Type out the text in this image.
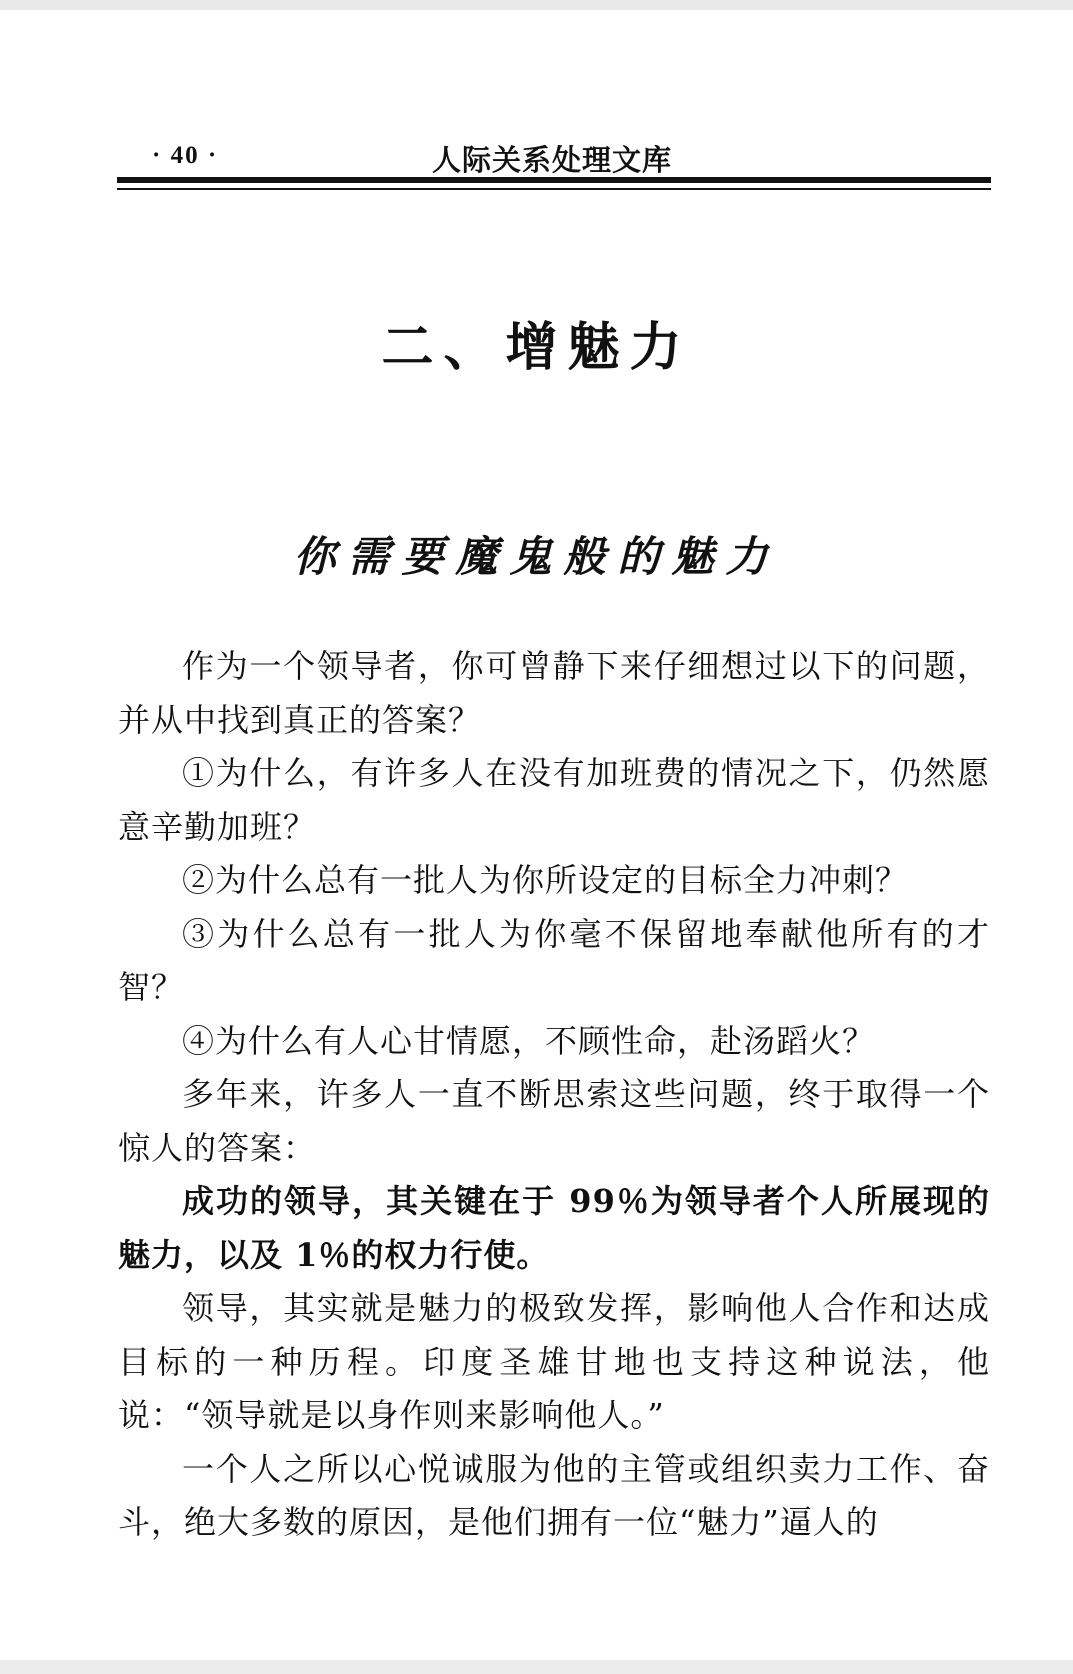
· 40 ·	人际关系处理文库
二、增魅力
你需要魔鬼般的魅力

作为一个领导者，你可曾静下来仔细想过以下的问题，并从中找到真正的答案？

①为什么，有许多人在没有加班费的情况之下，仍然愿意辛勤加班？

②为什么总有一批人为你所设定的目标全力冲刺？

③为什么总有一批人为你毫不保留地奉献他所有的才智？

④为什么有人心甘情愿，不顾性命，赴汤蹈火？

多年来，许多人一直不断思索这些问题，终于取得一个惊人的答案：

成功的领导，其关键在于 99％为领导者个人所展现的魅力，以及 1％的权力行使。

领导，其实就是魅力的极致发挥，影响他人合作和达成目标的一种历程。印度圣雄甘地也支持这种说法，他说：“领导就是以身作则来影响他人。”

一个人之所以心悦诚服为他的主管或组织卖力工作、奋斗，绝大多数的原因，是他们拥有一位“魅力”逼人的
